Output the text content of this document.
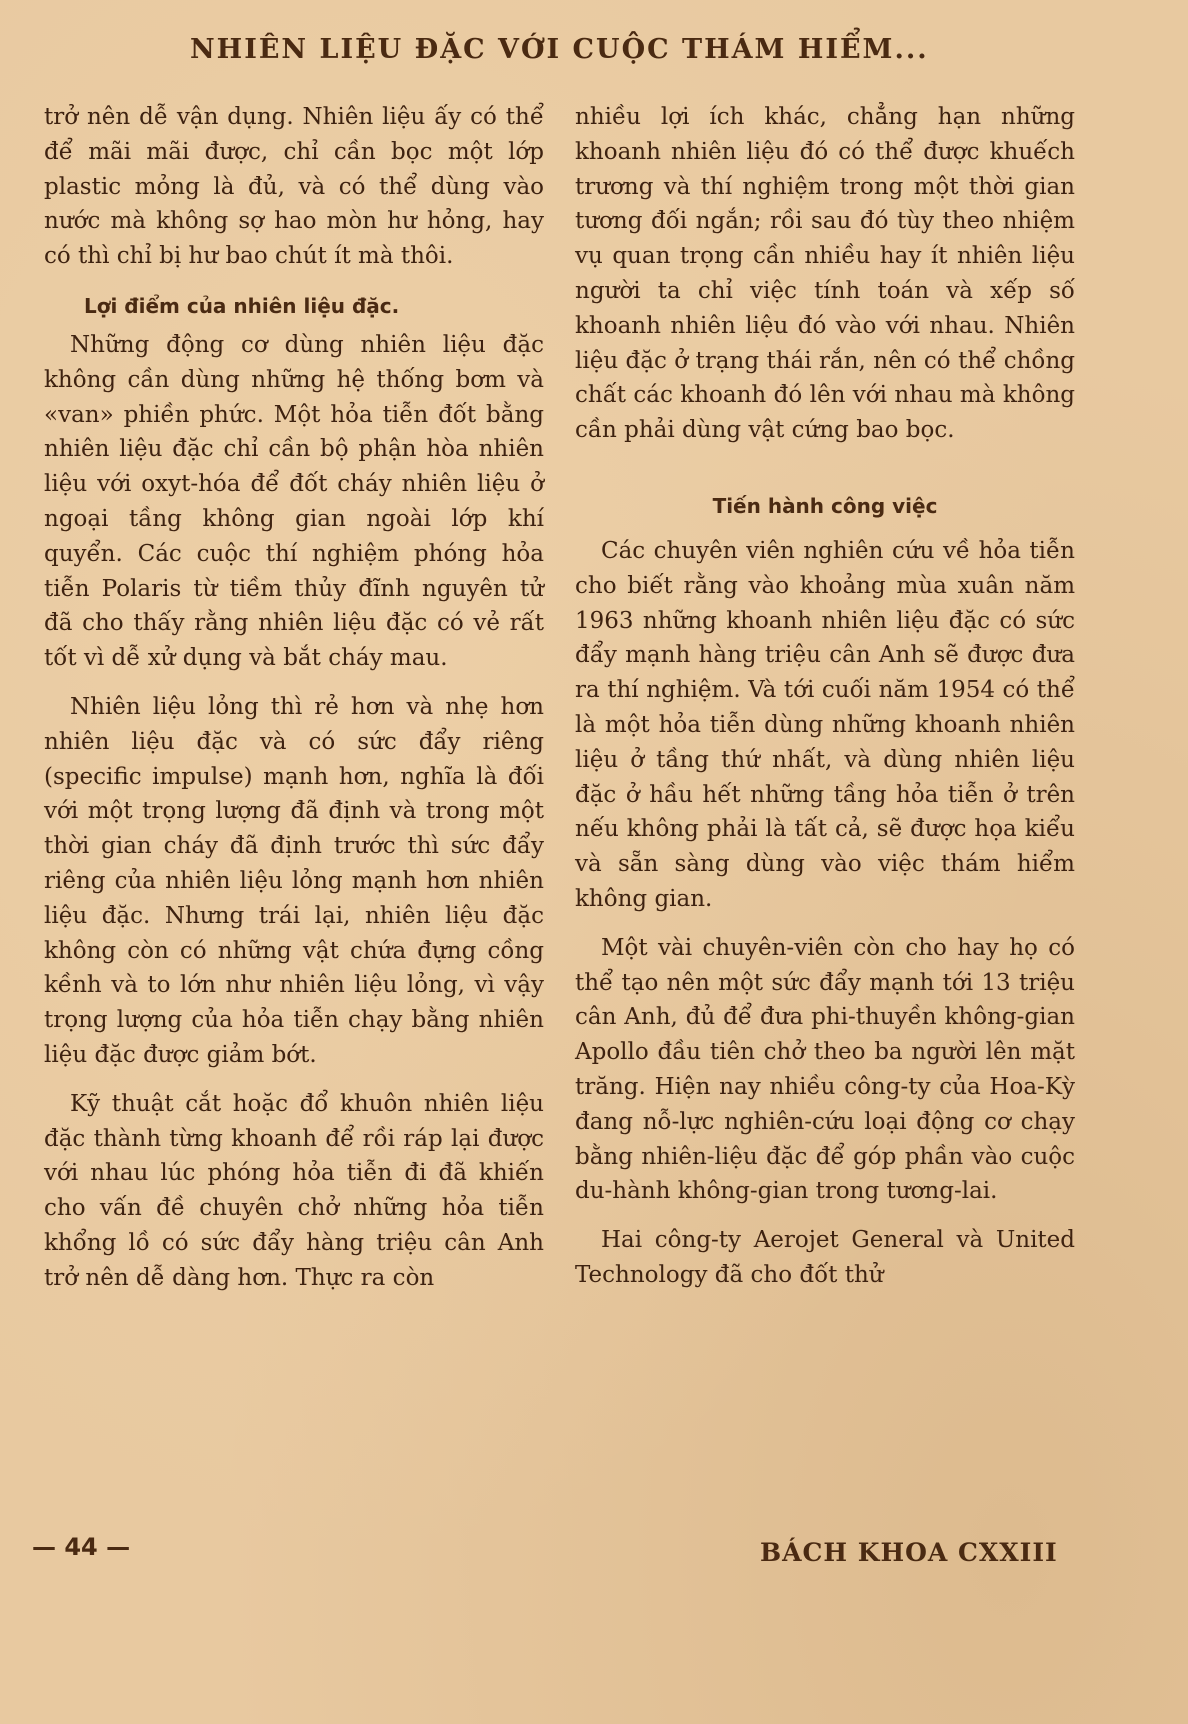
NHIÊN LIỆU ĐẶC VỚI CUỘC THÁM HIỂM...

trở nên dễ vận dụng. Nhiên liệu ấy có thể để mãi mãi được, chỉ cần bọc một lớp plastic mỏng là đủ, và có thể dùng vào nước mà không sợ hao mòn hư hỏng, hay có thì chỉ bị hư bao chút ít mà thôi.

Lợi điểm của nhiên liệu đặc.

Những động cơ dùng nhiên liệu đặc không cần dùng những hệ thống bơm và «van» phiền phức. Một hỏa tiễn đốt bằng nhiên liệu đặc chỉ cần bộ phận hòa nhiên liệu với oxyt-hóa để đốt cháy nhiên liệu ở ngoại tầng không gian ngoài lớp khí quyển. Các cuộc thí nghiệm phóng hỏa tiễn Polaris từ tiềm thủy đĩnh nguyên tử đã cho thấy rằng nhiên liệu đặc có vẻ rất tốt vì dễ xử dụng và bắt cháy mau.

Nhiên liệu lỏng thì rẻ hơn và nhẹ hơn nhiên liệu đặc và có sức đẩy riêng (specific impulse) mạnh hơn, nghĩa là đối với một trọng lượng đã định và trong một thời gian cháy đã định trước thì sức đẩy riêng của nhiên liệu lỏng mạnh hơn nhiên liệu đặc. Nhưng trái lại, nhiên liệu đặc không còn có những vật chứa đựng cồng kềnh và to lớn như nhiên liệu lỏng, vì vậy trọng lượng của hỏa tiễn chạy bằng nhiên liệu đặc được giảm bớt.

Kỹ thuật cắt hoặc đổ khuôn nhiên liệu đặc thành từng khoanh để rồi ráp lại được với nhau lúc phóng hỏa tiễn đi đã khiến cho vấn đề chuyên chở những hỏa tiễn khổng lồ có sức đẩy hàng triệu cân Anh trở nên dễ dàng hơn. Thực ra còn

nhiều lợi ích khác, chẳng hạn những khoanh nhiên liệu đó có thể được khuếch trương và thí nghiệm trong một thời gian tương đối ngắn; rồi sau đó tùy theo nhiệm vụ quan trọng cần nhiều hay ít nhiên liệu người ta chỉ việc tính toán và xếp số khoanh nhiên liệu đó vào với nhau. Nhiên liệu đặc ở trạng thái rắn, nên có thể chồng chất các khoanh đó lên với nhau mà không cần phải dùng vật cứng bao bọc.

Tiến hành công việc

Các chuyên viên nghiên cứu về hỏa tiễn cho biết rằng vào khoảng mùa xuân năm 1963 những khoanh nhiên liệu đặc có sức đẩy mạnh hàng triệu cân Anh sẽ được đưa ra thí nghiệm. Và tới cuối năm 1954 có thể là một hỏa tiễn dùng những khoanh nhiên liệu ở tầng thứ nhất, và dùng nhiên liệu đặc ở hầu hết những tầng hỏa tiễn ở trên nếu không phải là tất cả, sẽ được họa kiểu và sẵn sàng dùng vào việc thám hiểm không gian.

Một vài chuyên-viên còn cho hay họ có thể tạo nên một sức đẩy mạnh tới 13 triệu cân Anh, đủ để đưa phi-thuyền không-gian Apollo đầu tiên chở theo ba người lên mặt trăng. Hiện nay nhiều công-ty của Hoa-Kỳ đang nỗ-lực nghiên-cứu loại động cơ chạy bằng nhiên-liệu đặc để góp phần vào cuộc du-hành không-gian trong tương-lai.

Hai công-ty Aerojet General và United Technology đã cho đốt thử

— 44 —	BÁCH KHOA CXXIII
